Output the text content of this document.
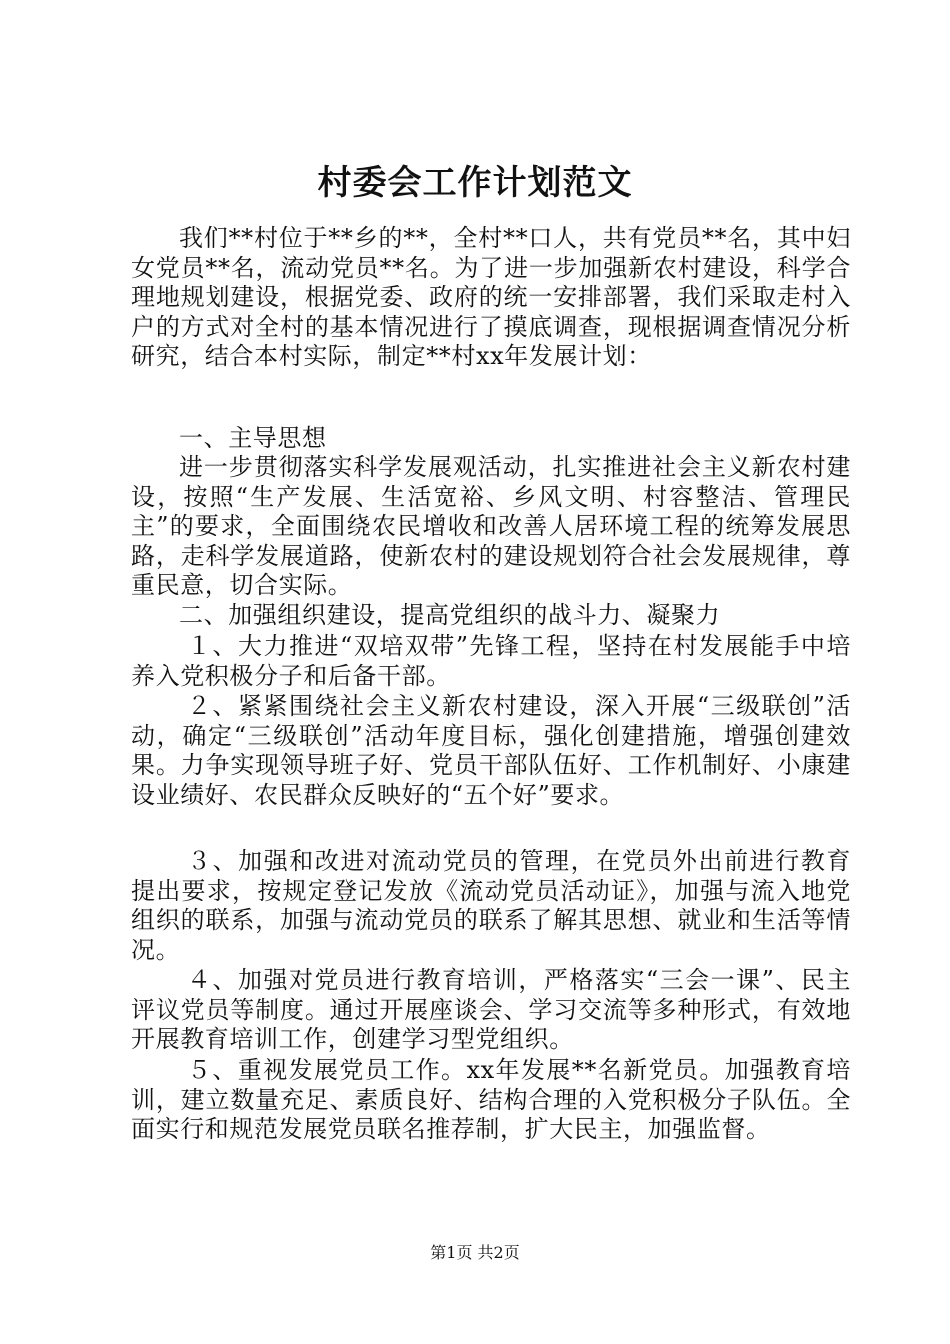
村委会工作计划范文

我们**村位于**乡的**，全村**口人，共有党员**名，其中妇女党员**名，流动党员**名。为了进一步加强新农村建设，科学合理地规划建设，根据党委、政府的统一安排部署，我们采取走村入户的方式对全村的基本情况进行了摸底调查，现根据调查情况分析研究，结合本村实际，制定**村xx年发展计划：

一、主导思想

进一步贯彻落实科学发展观活动，扎实推进社会主义新农村建设，按照“生产发展、生活宽裕、乡风文明、村容整洁、管理民主”的要求，全面围绕农民增收和改善人居环境工程的统筹发展思路，走科学发展道路，使新农村的建设规划符合社会发展规律，尊重民意，切合实际。

二、加强组织建设，提高党组织的战斗力、凝聚力

１、大力推进“双培双带”先锋工程，坚持在村发展能手中培养入党积极分子和后备干部。

２、紧紧围绕社会主义新农村建设，深入开展“三级联创”活动，确定“三级联创”活动年度目标，强化创建措施，增强创建效果。力争实现领导班子好、党员干部队伍好、工作机制好、小康建设业绩好、农民群众反映好的“五个好”要求。

３、加强和改进对流动党员的管理，在党员外出前进行教育提出要求，按规定登记发放《流动党员活动证》，加强与流入地党组织的联系，加强与流动党员的联系了解其思想、就业和生活等情况。

４、加强对党员进行教育培训，严格落实“三会一课”、民主评议党员等制度。通过开展座谈会、学习交流等多种形式，有效地开展教育培训工作，创建学习型党组织。

５、重视发展党员工作。xx年发展**名新党员。加强教育培训，建立数量充足、素质良好、结构合理的入党积极分子队伍。全面实行和规范发展党员联名推荐制，扩大民主，加强监督。

第1页 共2页
